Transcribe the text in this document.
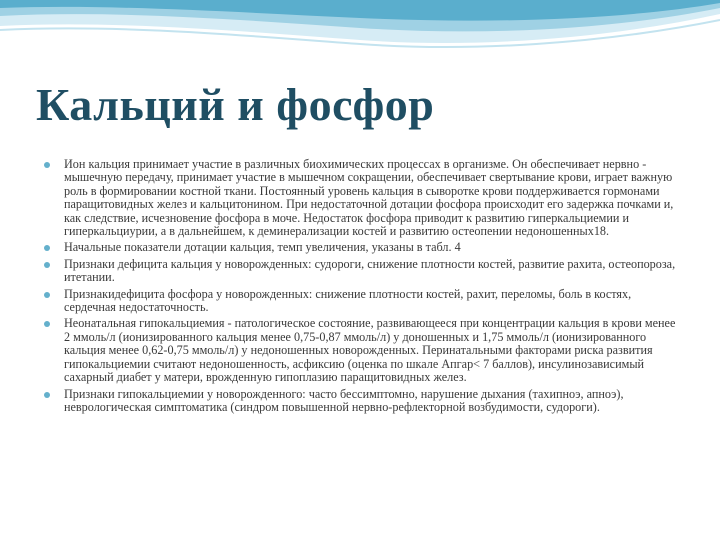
Кальций и фосфор
Ион кальция принимает участие в различных биохимических процессах в организме. Он обеспечивает нервно - мышечную передачу, принимает участие в мышечном сокращении, обеспечивает свертывание крови, играет важную роль в формировании костной ткани. Постоянный уровень кальция в сыворотке крови поддерживается гормонами паращитовидных желез и кальцитонином. При недостаточной дотации фосфора происходит его задержка почками и, как следствие, исчезновение фосфора в моче. Недостаток фосфора приводит к развитию гиперкальциемии и гиперкальциурии, а в дальнейшем, к деминерализации костей и развитию остеопении недоношенных18.
Начальные показатели дотации кальция, темп увеличения, указаны в табл. 4
Признаки дефицита кальция у новорожденных: судороги, снижение плотности костей, развитие рахита, остеопороза, итетании.
Признакидефицита фосфора у новорожденных: снижение плотности костей, рахит, переломы, боль в костях, сердечная недостаточность.
Неонатальная гипокальциемия - патологическое состояние, развивающееся при концентрации кальция в крови менее 2 ммоль/л (ионизированного кальция менее 0,75-0,87 ммоль/л) у доношенных и 1,75 ммоль/л (ионизированного кальция менее 0,62-0,75 ммоль/л) у недоношенных новорожденных. Перинатальными факторами риска развития гипокальциемии считают недоношенность, асфиксию (оценка по шкале Апгар< 7 баллов), инсулинозависимый сахарный диабет у матери, врожденную гипоплазию паращитовидных желез.
Признаки гипокальциемии у новорожденного: часто бессимптомно, нарушение дыхания (тахипноэ, апноэ), неврологическая симптоматика (синдром повышенной нервно-рефлекторной возбудимости, судороги).
